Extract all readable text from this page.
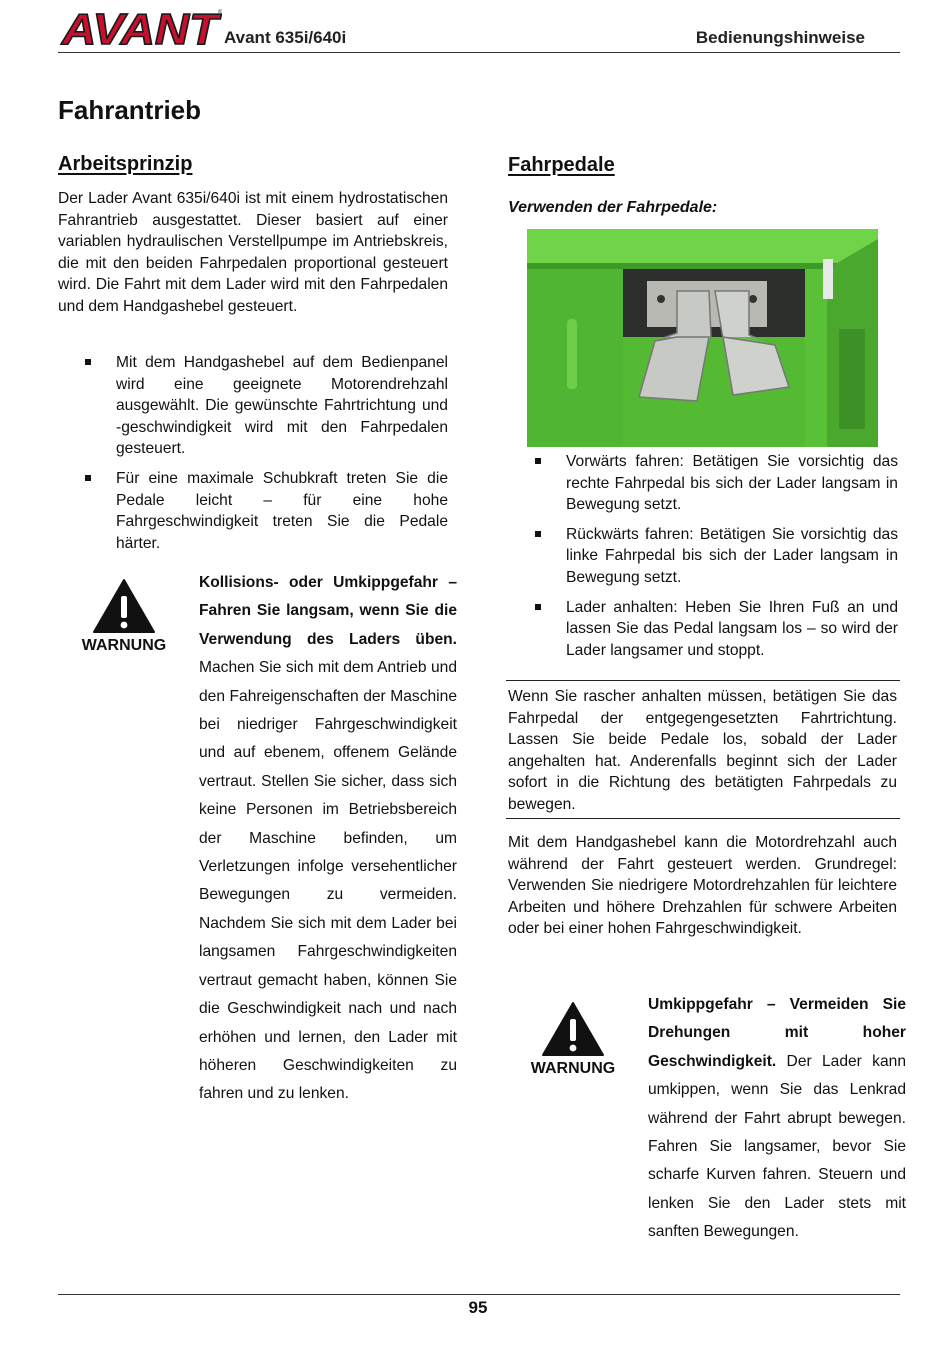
AVANT
®
Avant 635i/640i	Bedienungshinweise
Fahrantrieb
Arbeitsprinzip
Der Lader Avant 635i/640i ist mit einem hydrostatischen Fahrantrieb ausgestattet. Dieser basiert auf einer variablen hydraulischen Verstellpumpe im Antriebskreis, die mit den beiden Fahrpedalen proportional gesteuert wird. Die Fahrt mit dem Lader wird mit den Fahrpedalen und dem Handgashebel gesteuert.
Mit dem Handgashebel auf dem Bedienpanel wird eine geeignete Motorendrehzahl ausgewählt. Die gewünschte Fahrtrichtung und -geschwindigkeit wird mit den Fahrpedalen gesteuert.
Für eine maximale Schubkraft treten Sie die Pedale leicht – für eine hohe Fahrgeschwindigkeit treten Sie die Pedale härter.
WARNUNG
Kollisions- oder Umkippgefahr – Fahren Sie langsam, wenn Sie die Verwendung des Laders üben. Machen Sie sich mit dem Antrieb und den Fahreigenschaften der Maschine bei niedriger Fahrgeschwindigkeit und auf ebenem, offenem Gelände vertraut. Stellen Sie sicher, dass sich keine Personen im Betriebsbereich der Maschine befinden, um Verletzungen infolge versehentlicher Bewegungen zu vermeiden. Nachdem Sie sich mit dem Lader bei langsamen Fahrgeschwindigkeiten vertraut gemacht haben, können Sie die Geschwindigkeit nach und nach erhöhen und lernen, den Lader mit höheren Geschwindigkeiten zu fahren und zu lenken.
Fahrpedale
Verwenden der Fahrpedale:
Vorwärts fahren: Betätigen Sie vorsichtig das rechte Fahrpedal bis sich der Lader langsam in Bewegung setzt.
Rückwärts fahren: Betätigen Sie vorsichtig das linke Fahrpedal bis sich der Lader langsam in Bewegung setzt.
Lader anhalten: Heben Sie Ihren Fuß an und lassen Sie das Pedal langsam los – so wird der Lader langsamer und stoppt.
Wenn Sie rascher anhalten müssen, betätigen Sie das Fahrpedal der entgegengesetzten Fahrtrichtung. Lassen Sie beide Pedale los, sobald der Lader angehalten hat. Anderenfalls beginnt sich der Lader sofort in die Richtung des betätigten Fahrpedals zu bewegen.
Mit dem Handgashebel kann die Motordrehzahl auch während der Fahrt gesteuert werden. Grundregel: Verwenden Sie niedrigere Motordrehzahlen für leichtere Arbeiten und höhere Drehzahlen für schwere Arbeiten oder bei einer hohen Fahrgeschwindigkeit.
WARNUNG
Umkippgefahr – Vermeiden Sie Drehungen mit hoher Geschwindigkeit. Der Lader kann umkippen, wenn Sie das Lenkrad während der Fahrt abrupt bewegen. Fahren Sie langsamer, bevor Sie scharfe Kurven fahren. Steuern und lenken Sie den Lader stets mit sanften Bewegungen.
95
